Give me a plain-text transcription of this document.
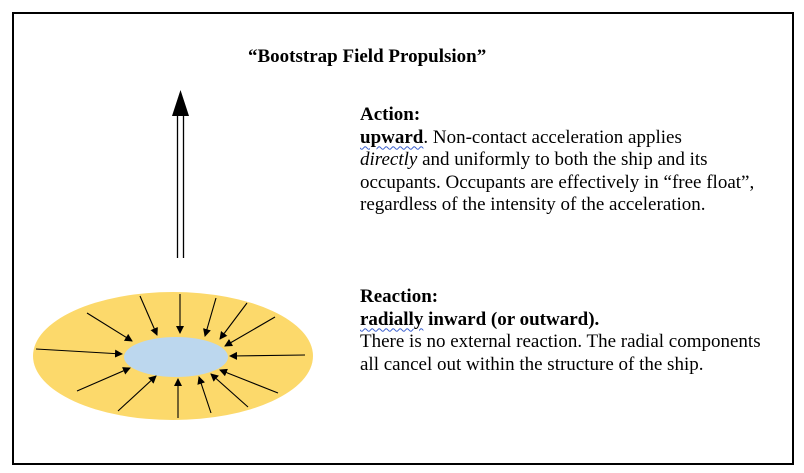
“Bootstrap Field Propulsion”
Action:
upward. Non-contact acceleration applies
directly and uniformly to both the ship and its occupants. Occupants are effectively in “free float”, regardless of the intensity of the acceleration.
Reaction:
radially inward (or outward).
There is no external reaction. The radial components all cancel out within the structure of the ship.
